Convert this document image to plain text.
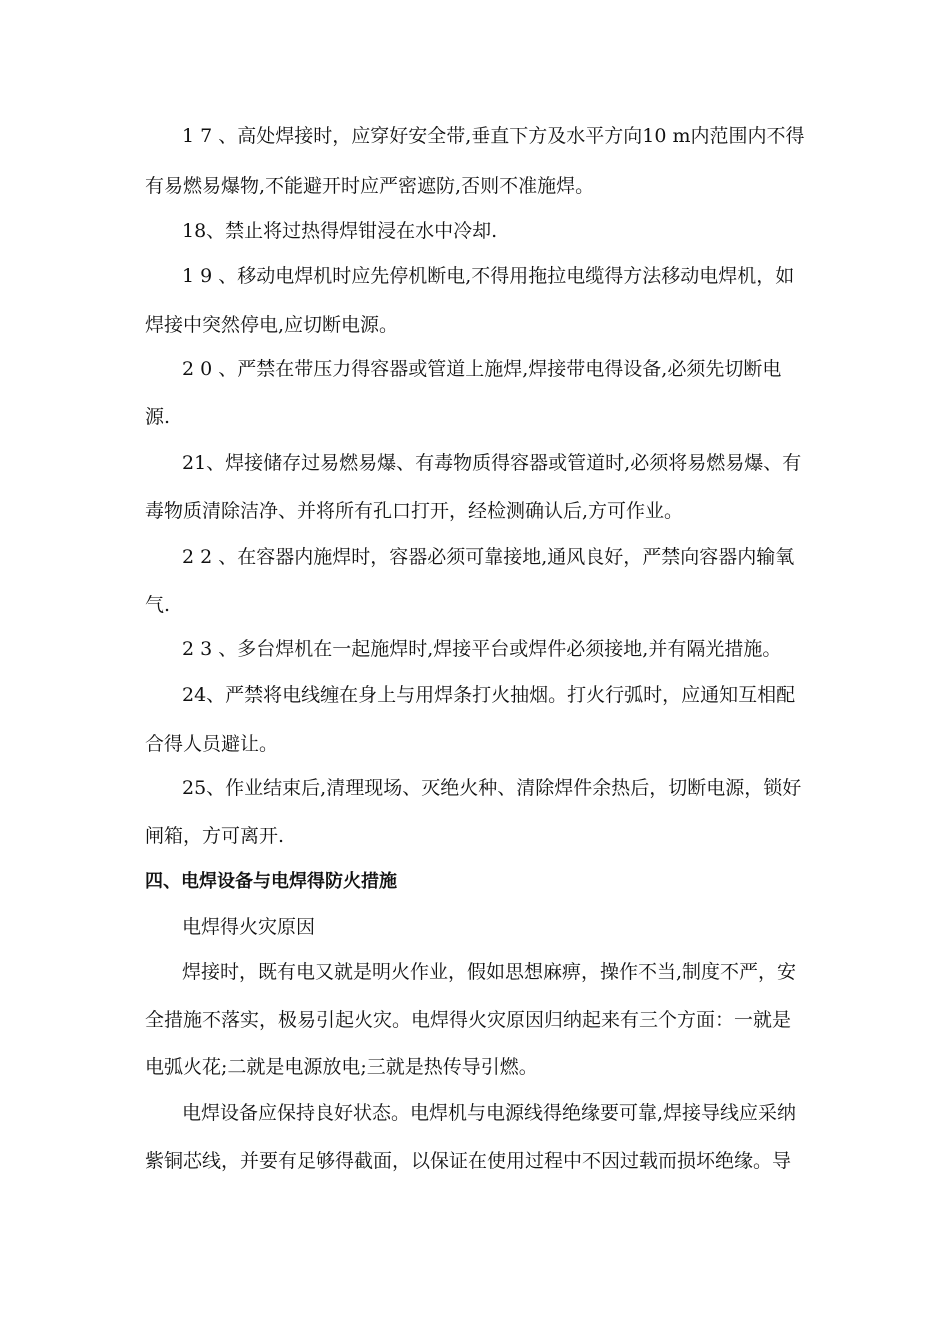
1 7 、高处焊接时，应穿好安全带,垂直下方及水平方向10 m内范围内不得
有易燃易爆物,不能避开时应严密遮防,否则不准施焊。
18、禁止将过热得焊钳浸在水中冷却.
1 9 、移动电焊机时应先停机断电,不得用拖拉电缆得方法移动电焊机，如
焊接中突然停电,应切断电源。
2 0 、严禁在带压力得容器或管道上施焊,焊接带电得设备,必须先切断电
源.
21、焊接储存过易燃易爆、有毒物质得容器或管道时,必须将易燃易爆、有
毒物质清除洁净、并将所有孔口打开，经检测确认后,方可作业。
2 2 、在容器内施焊时，容器必须可靠接地,通风良好，严禁向容器内输氧
气.
2 3 、多台焊机在一起施焊时,焊接平台或焊件必须接地,并有隔光措施。
24、严禁将电线缠在身上与用焊条打火抽烟。打火行弧时，应通知互相配
合得人员避让。
25、作业结束后,清理现场、灭绝火种、清除焊件余热后，切断电源，锁好
闸箱，方可离开.
四、电焊设备与电焊得防火措施
电焊得火灾原因
焊接时，既有电又就是明火作业，假如思想麻痹，操作不当,制度不严，安
全措施不落实，极易引起火灾。电焊得火灾原因归纳起来有三个方面：一就是
电弧火花;二就是电源放电;三就是热传导引燃。
电焊设备应保持良好状态。电焊机与电源线得绝缘要可靠,焊接导线应采纳
紫铜芯线，并要有足够得截面，以保证在使用过程中不因过载而损坏绝缘。导
